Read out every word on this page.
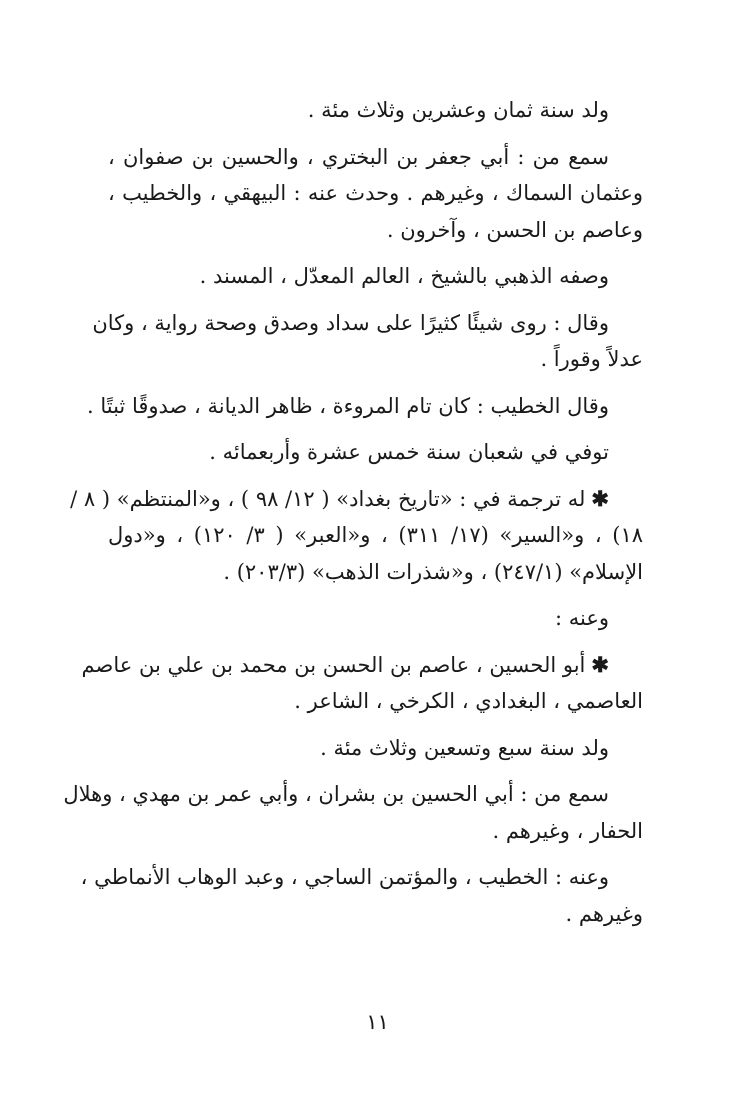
ولد سنة ثمان وعشرين وثلاث مئة .
سمع من : أبي جعفر بن البختري ، والحسين بن صفوان ،
وعثمان السماك ، وغيرهم . وحدث عنه : البيهقي ، والخطيب ،
وعاصم بن الحسن ، وآخرون .
وصفه الذهبي بالشيخ ، العالم المعدّل ، المسند .
وقال : روى شيئًا كثيرًا على سداد وصدق وصحة رواية ، وكان
عدلاً وقوراً .
وقال الخطيب : كان تام المروءة ، ظاهر الديانة ، صدوقًا ثبتًا .
توفي في شعبان سنة خمس عشرة وأربعمائه .
✱له ترجمة في : «تاريخ بغداد» ( ١٢/ ٩٨ ) ، و«المنتظم» ( ٨ /
١٨) ، و«السير» (١٧/ ٣١١) ، و«العبر» ( ٣/ ١٢٠) ، و«دول
الإسلام» (٢٤٧/١) ، و«شذرات الذهب» (٢٠٣/٣) .
وعنه :
✱أبو الحسين ، عاصم بن الحسن بن محمد بن علي بن عاصم
العاصمي ، البغدادي ، الكرخي ، الشاعر .
ولد سنة سبع وتسعين وثلاث مئة .
سمع من : أبي الحسين بن بشران ، وأبي عمر بن مهدي ، وهلال
الحفار ، وغيرهم .
وعنه : الخطيب ، والمؤتمن الساجي ، وعبد الوهاب الأنماطي ،
وغيرهم .
١١
